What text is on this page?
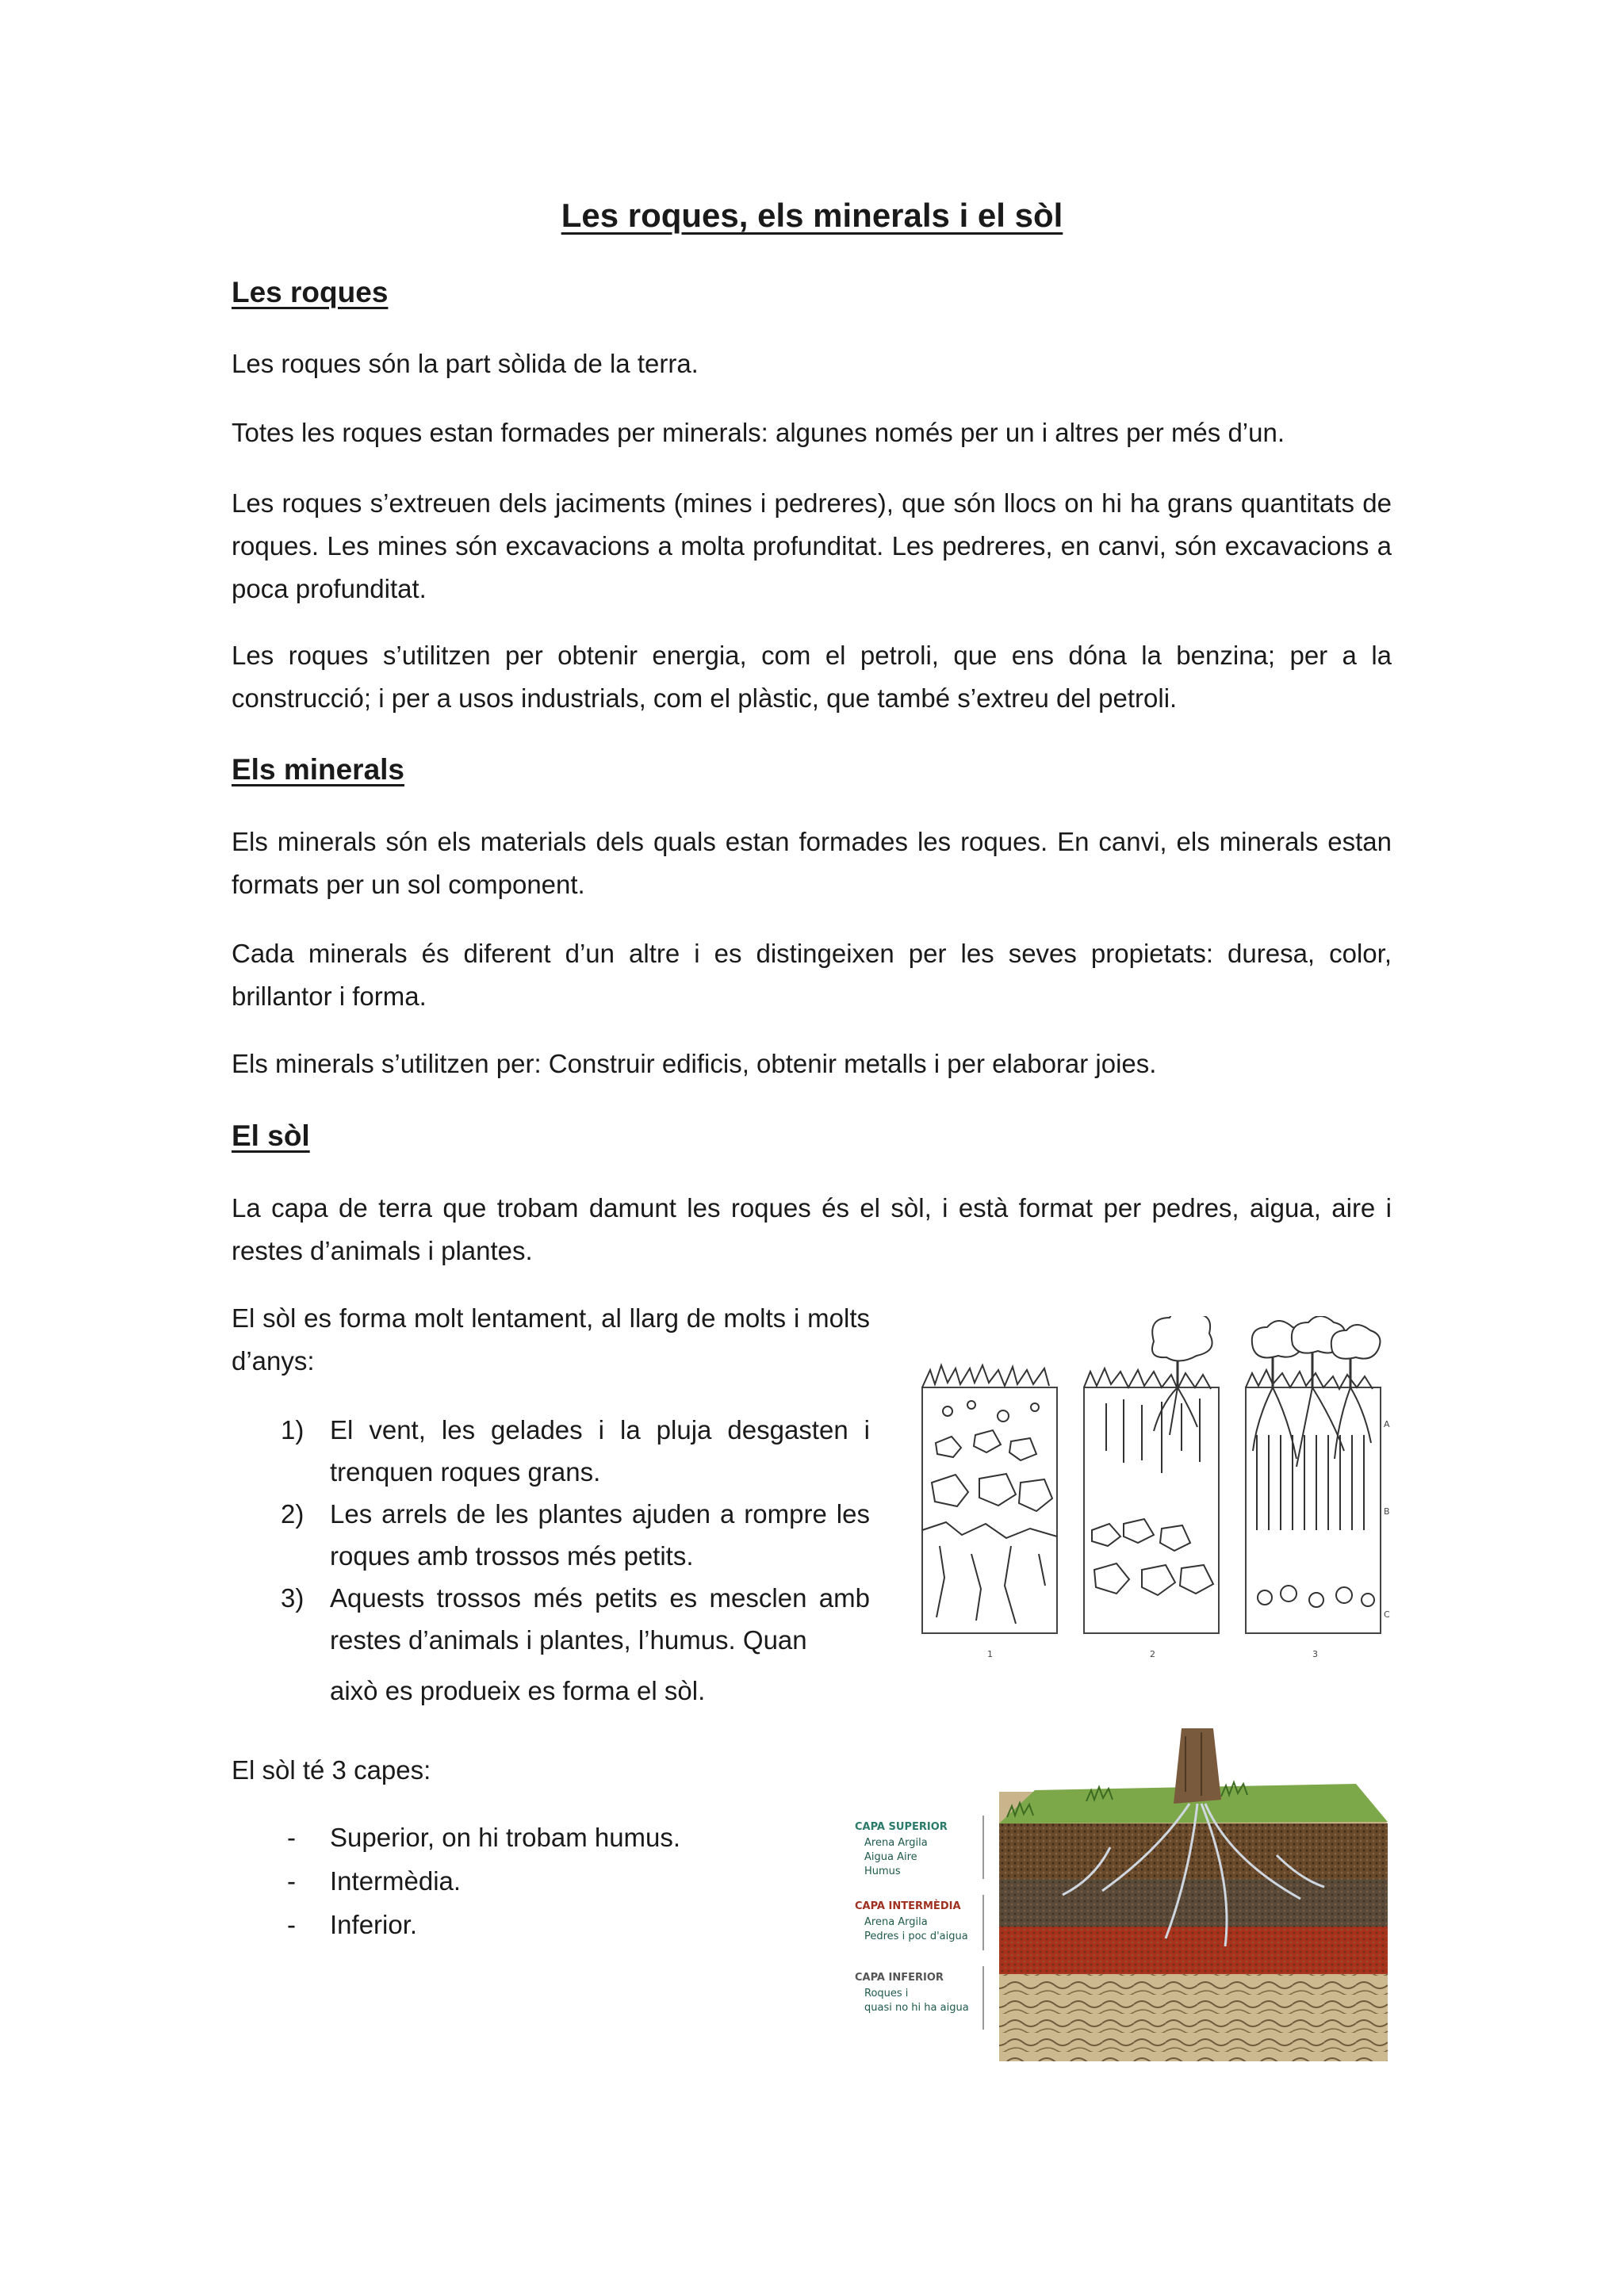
Les roques, els minerals i el sòl
Les roques

Les roques són la part sòlida de la terra.

Totes les roques estan formades per minerals: algunes només per un i altres per més d’un.

Les roques s’extreuen dels jaciments (mines i pedreres), que són llocs on hi ha grans quantitats de roques. Les mines són excavacions a molta profunditat. Les pedreres, en canvi, són excavacions a poca profunditat.

Les roques s’utilitzen per obtenir energia, com el petroli, que ens dóna la benzina; per a la construcció; i per a usos industrials, com el plàstic, que també s’extreu del petroli.

Els minerals

Els minerals són els materials dels quals estan formades les roques. En canvi, els minerals estan formats per un sol component.

Cada minerals és diferent d’un altre i es distingeixen per les seves propietats: duresa, color, brillantor i forma.

Els minerals s’utilitzen per: Construir edificis, obtenir metalls i per elaborar joies.

El sòl

La capa de terra que trobam damunt les roques és el sòl, i està format per pedres, aigua, aire i restes d’animals i plantes.

El sòl es forma molt lentament, al llarg de molts i molts d’anys:

1) El vent, les gelades i la pluja desgasten i trenquen roques grans.
2) Les arrels de les plantes ajuden a rompre les roques amb trossos més petits.
3) Aquests trossos més petits es mesclen amb restes d’animals i plantes, l’humus. Quan
això es produeix es forma el sòl.

El sòl té 3 capes:

- Superior, on hi trobam humus.
- Intermèdia.
- Inferior.
1	2	3
A
B
C
CAPA SUPERIOR
Arena Argila
Aigua Aire
Humus
CAPA INTERMÈDIA
Arena Argila
Pedres i poc d'aigua
CAPA INFERIOR
Roques i
quasi no hi ha aigua
